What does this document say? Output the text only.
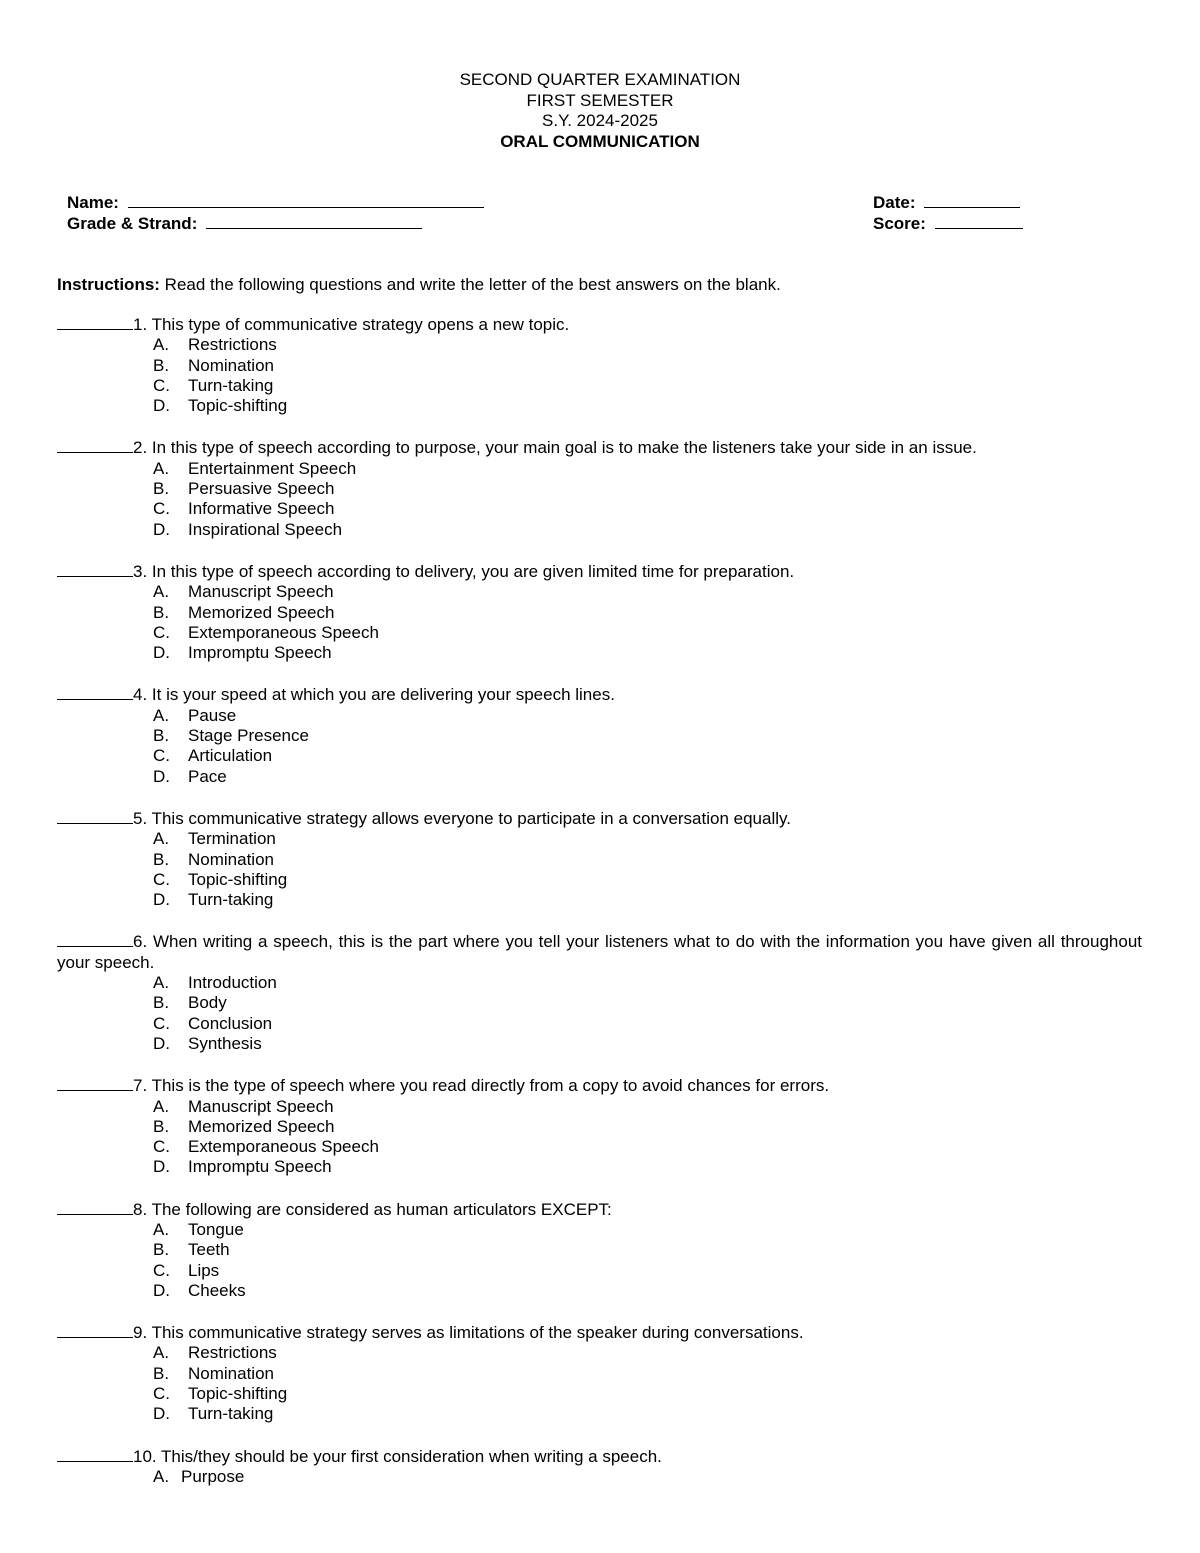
SECOND QUARTER EXAMINATION
FIRST SEMESTER
S.Y. 2024-2025
ORAL COMMUNICATION
Name:	Date:
Grade & Strand:	Score:
Instructions: Read the following questions and write the letter of the best answers on the blank.
1. This type of communicative strategy opens a new topic.
A. Restrictions
B. Nomination
C. Turn-taking
D. Topic-shifting
2. In this type of speech according to purpose, your main goal is to make the listeners take your side in an issue.
A. Entertainment Speech
B. Persuasive Speech
C. Informative Speech
D. Inspirational Speech
3. In this type of speech according to delivery, you are given limited time for preparation.
A. Manuscript Speech
B. Memorized Speech
C. Extemporaneous Speech
D. Impromptu Speech
4. It is your speed at which you are delivering your speech lines.
A. Pause
B. Stage Presence
C. Articulation
D. Pace
5. This communicative strategy allows everyone to participate in a conversation equally.
A. Termination
B. Nomination
C. Topic-shifting
D. Turn-taking
6. When writing a speech, this is the part where you tell your listeners what to do with the information you have given all throughout your speech.
A. Introduction
B. Body
C. Conclusion
D. Synthesis
7. This is the type of speech where you read directly from a copy to avoid chances for errors.
A. Manuscript Speech
B. Memorized Speech
C. Extemporaneous Speech
D. Impromptu Speech
8. The following are considered as human articulators EXCEPT:
A. Tongue
B. Teeth
C. Lips
D. Cheeks
9. This communicative strategy serves as limitations of the speaker during conversations.
A. Restrictions
B. Nomination
C. Topic-shifting
D. Turn-taking
10. This/they should be your first consideration when writing a speech.
A. Purpose
